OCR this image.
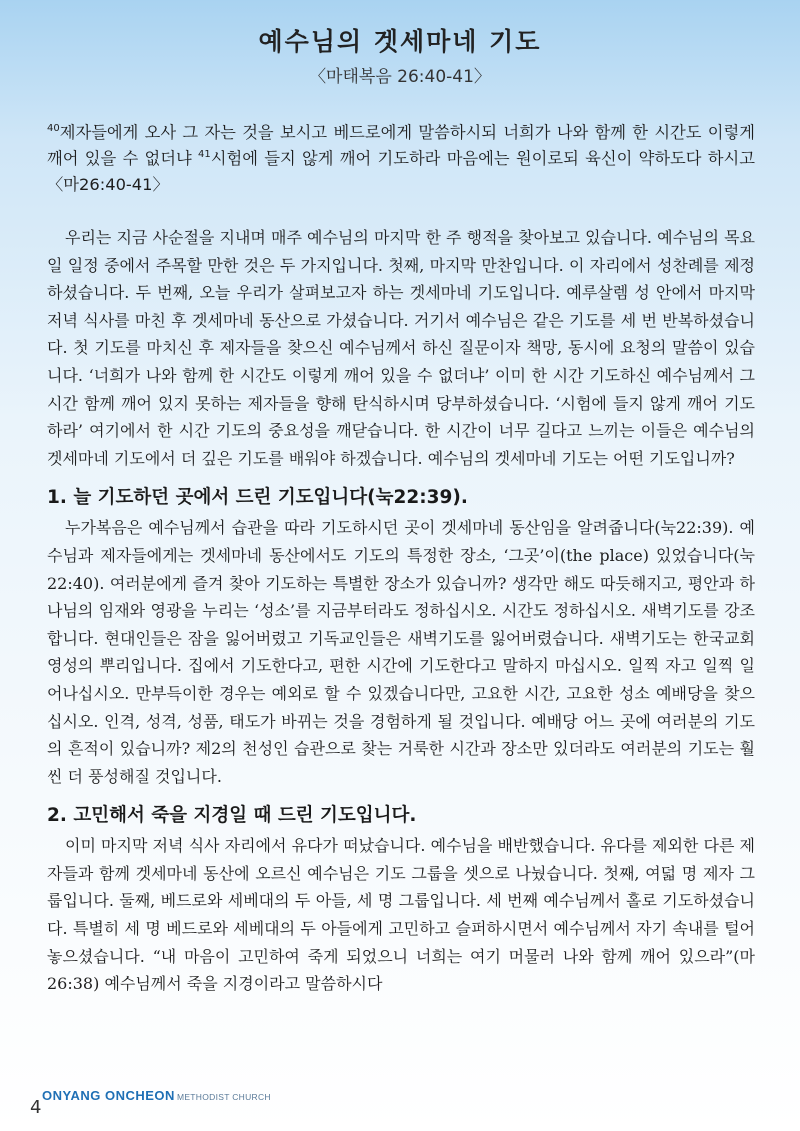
예수님의 겟세마네 기도
〈마태복음 26:40-41〉

$^{40}$제자들에게 오사 그 자는 것을 보시고 베드로에게 말씀하시되 너희가 나와 함께 한 시간도 이렇게 깨어 있을 수 없더냐 $^{41}$시험에 들지 않게 깨어 기도하라 마음에는 원이로되 육신이 약하도다 하시고〈마26:40-41〉

우리는 지금 사순절을 지내며 매주 예수님의 마지막 한 주 행적을 찾아보고 있습니다. 예수님의 목요일 일정 중에서 주목할 만한 것은 두 가지입니다. 첫째, 마지막 만찬입니다. 이 자리에서 성찬례를 제정하셨습니다. 두 번째, 오늘 우리가 살펴보고자 하는 겟세마네 기도입니다. 예루살렘 성 안에서 마지막 저녁 식사를 마친 후 겟세마네 동산으로 가셨습니다. 거기서 예수님은 같은 기도를 세 번 반복하셨습니다. 첫 기도를 마치신 후 제자들을 찾으신 예수님께서 하신 질문이자 책망, 동시에 요청의 말씀이 있습니다. ‘너희가 나와 함께 한 시간도 이렇게 깨어 있을 수 없더냐’ 이미 한 시간 기도하신 예수님께서 그 시간 함께 깨어 있지 못하는 제자들을 향해 탄식하시며 당부하셨습니다. ‘시험에 들지 않게 깨어 기도하라’ 여기에서 한 시간 기도의 중요성을 깨닫습니다. 한 시간이 너무 길다고 느끼는 이들은 예수님의 겟세마네 기도에서 더 깊은 기도를 배워야 하겠습니다. 예수님의 겟세마네 기도는 어떤 기도입니까?

1. 늘 기도하던 곳에서 드린 기도입니다(눅22:39).

누가복음은 예수님께서 습관을 따라 기도하시던 곳이 겟세마네 동산임을 알려줍니다(눅22:39). 예수님과 제자들에게는 겟세마네 동산에서도 기도의 특정한 장소, ‘그곳’이(the place) 있었습니다(눅22:40). 여러분에게 즐겨 찾아 기도하는 특별한 장소가 있습니까? 생각만 해도 따듯해지고, 평안과 하나님의 임재와 영광을 누리는 ‘성소’를 지금부터라도 정하십시오. 시간도 정하십시오. 새벽기도를 강조합니다. 현대인들은 잠을 잃어버렸고 기독교인들은 새벽기도를 잃어버렸습니다. 새벽기도는 한국교회 영성의 뿌리입니다. 집에서 기도한다고, 편한 시간에 기도한다고 말하지 마십시오. 일찍 자고 일찍 일어나십시오. 만부득이한 경우는 예외로 할 수 있겠습니다만, 고요한 시간, 고요한 성소 예배당을 찾으십시오. 인격, 성격, 성품, 태도가 바뀌는 것을 경험하게 될 것입니다. 예배당 어느 곳에 여러분의 기도의 흔적이 있습니까? 제2의 천성인 습관으로 찾는 거룩한 시간과 장소만 있더라도 여러분의 기도는 훨씬 더 풍성해질 것입니다.

2. 고민해서 죽을 지경일 때 드린 기도입니다.

이미 마지막 저녁 식사 자리에서 유다가 떠났습니다. 예수님을 배반했습니다. 유다를 제외한 다른 제자들과 함께 겟세마네 동산에 오르신 예수님은 기도 그룹을 셋으로 나눴습니다. 첫째, 여덟 명 제자 그룹입니다. 둘째, 베드로와 세베대의 두 아들, 세 명 그룹입니다. 세 번째 예수님께서 홀로 기도하셨습니다. 특별히 세 명 베드로와 세베대의 두 아들에게 고민하고 슬퍼하시면서 예수님께서 자기 속내를 털어놓으셨습니다. “내 마음이 고민하여 죽게 되었으니 너희는 여기 머물러 나와 함께 깨어 있으라”(마26:38) 예수님께서 죽을 지경이라고 말씀하시다

4
ONYANG ONCHEON METHODIST CHURCH
